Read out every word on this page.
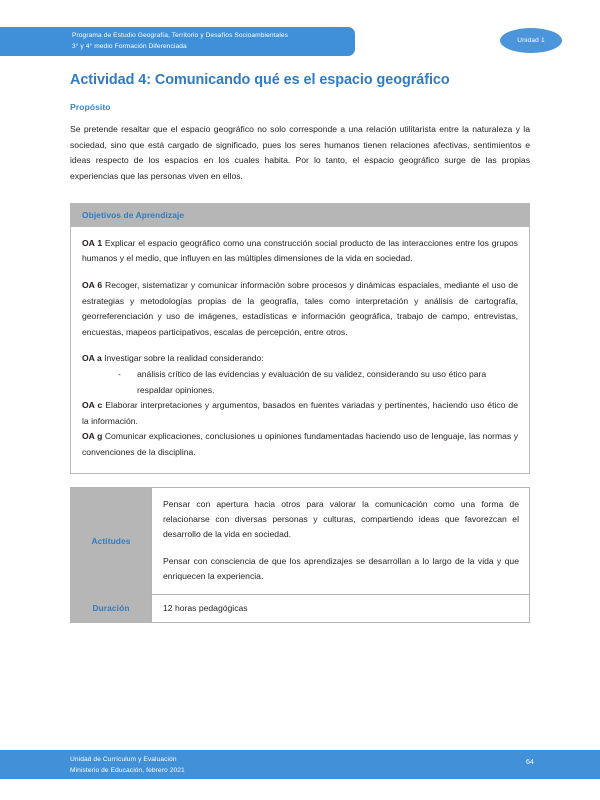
Programa de Estudio Geografía, Territorio y Desafíos Socioambientales
3° y 4° medio Formación Diferenciada
Unidad 1
Actividad 4: Comunicando qué es el espacio geográfico
Propósito
Se pretende resaltar que el espacio geográfico no solo corresponde a una relación utilitarista entre la naturaleza y la sociedad, sino que está cargado de significado, pues los seres humanos tienen relaciones afectivas, sentimientos e ideas respecto de los espacios en los cuales habita. Por lo tanto, el espacio geográfico surge de las propias experiencias que las personas viven en ellos.
Objetivos de Aprendizaje

OA 1 Explicar el espacio geográfico como una construcción social producto de las interacciones entre los grupos humanos y el medio, que influyen en las múltiples dimensiones de la vida en sociedad.

OA 6 Recoger, sistematizar y comunicar información sobre procesos y dinámicas espaciales, mediante el uso de estrategias y metodologías propias de la geografía, tales como interpretación y análisis de cartografía, georreferenciación y uso de imágenes, estadísticas e información geográfica, trabajo de campo, entrevistas, encuestas, mapeos participativos, escalas de percepción, entre otros.

OA a Investigar sobre la realidad considerando:

-	análisis crítico de las evidencias y evaluación de su validez, considerando su uso ético para respaldar opiniones.

OA c Elaborar interpretaciones y argumentos, basados en fuentes variadas y pertinentes, haciendo uso ético de la información.

OA g Comunicar explicaciones, conclusiones u opiniones fundamentadas haciendo uso de lenguaje, las normas y convenciones de la disciplina.

Actitudes	Pensar con apertura hacia otros para valorar la comunicación como una forma de relacionarse con diversas personas y culturas, compartiendo ideas que favorezcan el desarrollo de la vida en sociedad.

Pensar con consciencia de que los aprendizajes se desarrollan a lo largo de la vida y que enriquecen la experiencia.

Duración	12 horas pedagógicas
Unidad de Currículum y Evaluación
Ministerio de Educación, febrero 2021
64
